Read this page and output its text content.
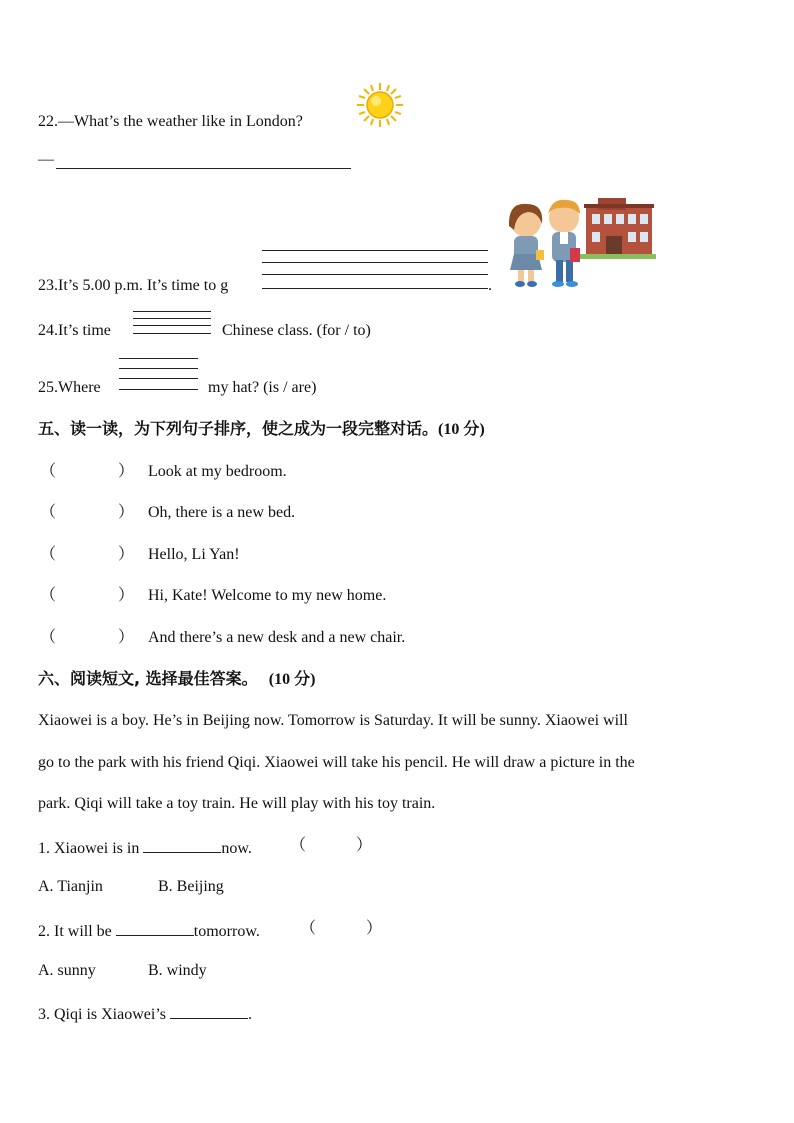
22.—What’s the weather like in London?
—
23.It’s 5.00 p.m. It’s time to g	.
24.It’s time	Chinese class. (for / to)
25.Where	my hat? (is / are)
五、读一读，为下列句子排序，使之成为一段完整对话。(10 分)
（	） Look at my bedroom.
（	） Oh, there is a new bed.
（	） Hello, Li Yan!
（	） Hi, Kate! Welcome to my new home.
（	） And there’s a new desk and a new chair.
六、阅读短文, 选择最佳答案。 (10 分)
Xiaowei is a boy. He’s in Beijing now. Tomorrow is Saturday. It will be sunny. Xiaowei will
go to the park with his friend Qiqi. Xiaowei will take his pencil. He will draw a picture in the
park. Qiqi will take a toy train. He will play with his toy train.
1. Xiaowei is in	now. （	）
A. Tianjin	B. Beijing
2. It will be	tomorrow.	（	）
A. sunny	B. windy
3. Qiqi is Xiaowei’s	.
